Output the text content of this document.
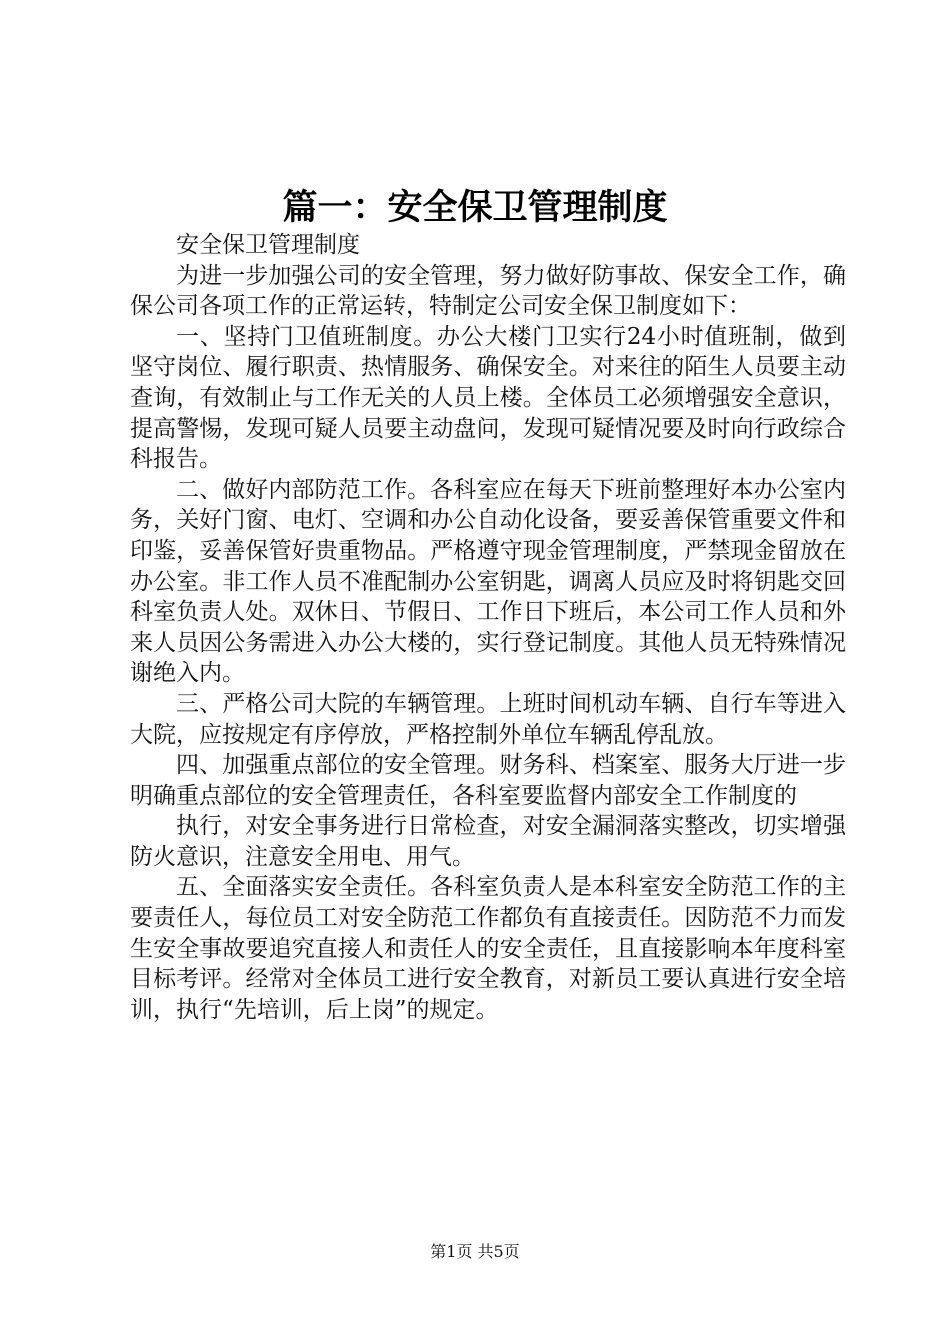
篇一：安全保卫管理制度

安全保卫管理制度

为进一步加强公司的安全管理，努力做好防事故、保安全工作，确保公司各项工作的正常运转，特制定公司安全保卫制度如下：

一、坚持门卫值班制度。办公大楼门卫实行24小时值班制，做到坚守岗位、履行职责、热情服务、确保安全。对来往的陌生人员要主动查询，有效制止与工作无关的人员上楼。全体员工必须增强安全意识，提高警惕，发现可疑人员要主动盘问，发现可疑情况要及时向行政综合科报告。

二、做好内部防范工作。各科室应在每天下班前整理好本办公室内务，关好门窗、电灯、空调和办公自动化设备，要妥善保管重要文件和印鉴，妥善保管好贵重物品。严格遵守现金管理制度，严禁现金留放在办公室。非工作人员不准配制办公室钥匙，调离人员应及时将钥匙交回科室负责人处。双休日、节假日、工作日下班后，本公司工作人员和外来人员因公务需进入办公大楼的，实行登记制度。其他人员无特殊情况谢绝入内。

三、严格公司大院的车辆管理。上班时间机动车辆、自行车等进入大院，应按规定有序停放，严格控制外单位车辆乱停乱放。

四、加强重点部位的安全管理。财务科、档案室、服务大厅进一步明确重点部位的安全管理责任，各科室要监督内部安全工作制度的

执行，对安全事务进行日常检查，对安全漏洞落实整改，切实增强防火意识，注意安全用电、用气。

五、全面落实安全责任。各科室负责人是本科室安全防范工作的主要责任人，每位员工对安全防范工作都负有直接责任。因防范不力而发生安全事故要追究直接人和责任人的安全责任，且直接影响本年度科室目标考评。经常对全体员工进行安全教育，对新员工要认真进行安全培训，执行“先培训，后上岗”的规定。

第1页 共5页
